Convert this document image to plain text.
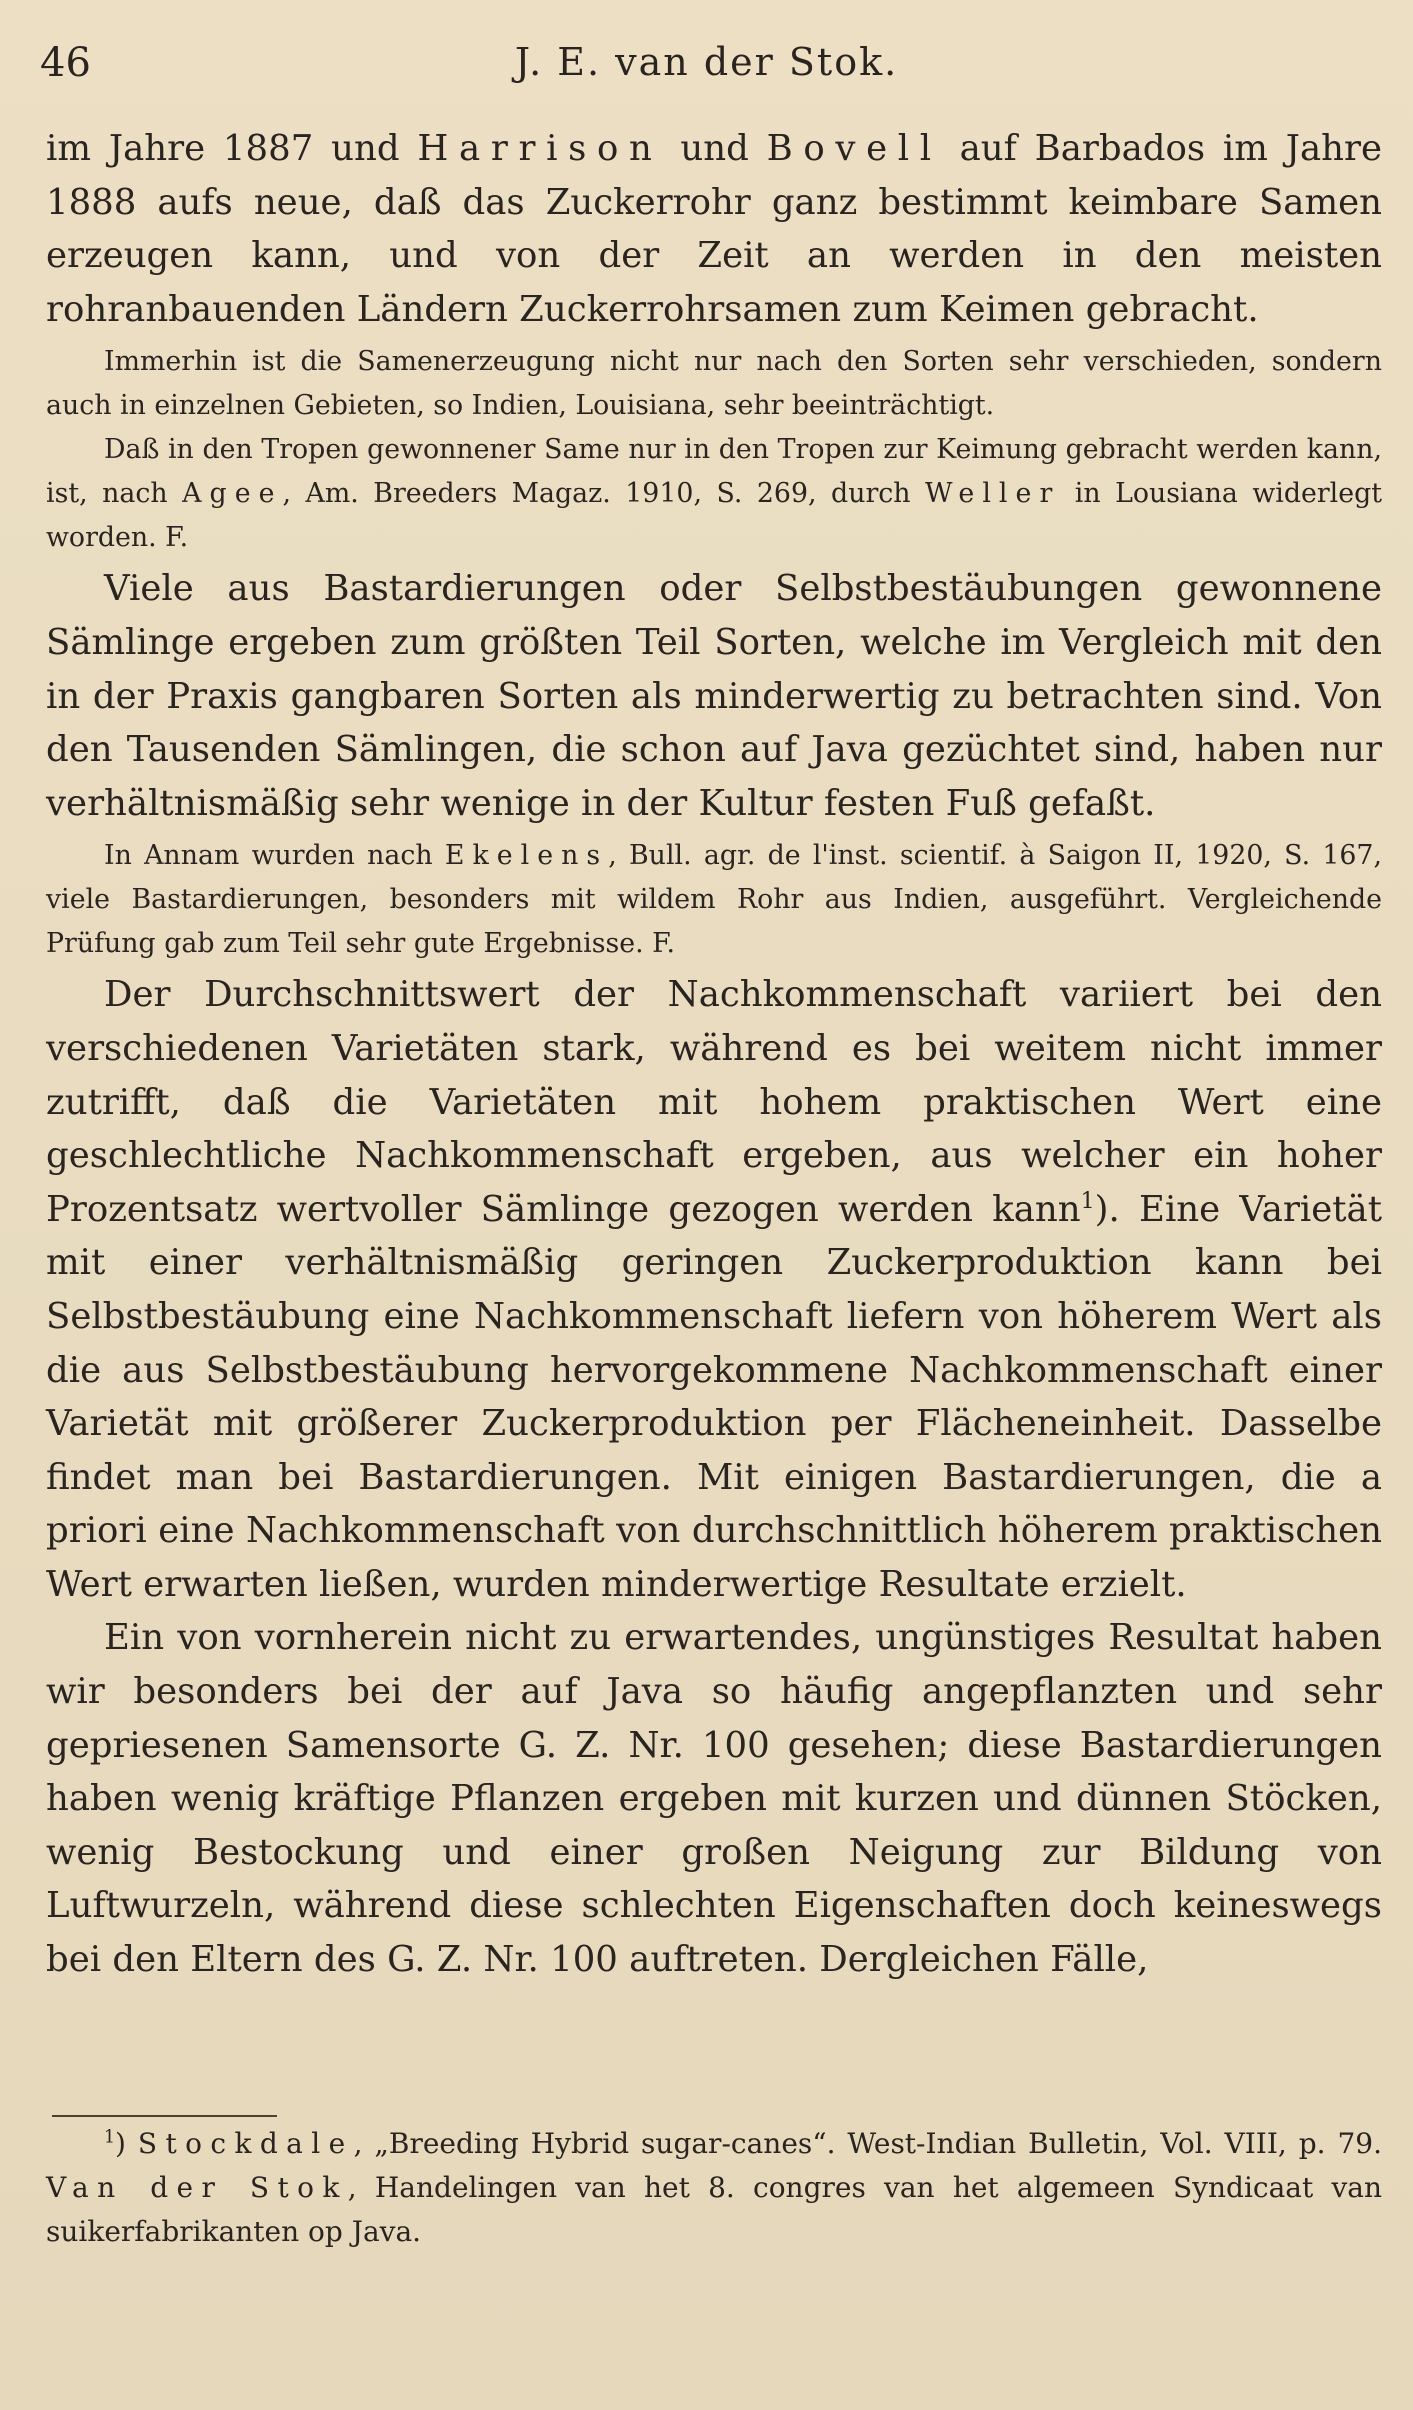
46	J. E. van der Stok.

im Jahre 1887 und Harrison und Bovell auf Barbados im Jahre 1888 aufs neue, daß das Zuckerrohr ganz bestimmt keimbare Samen erzeugen kann, und von der Zeit an werden in den meisten rohranbauenden Ländern Zuckerrohrsamen zum Keimen gebracht.

Immerhin ist die Samenerzeugung nicht nur nach den Sorten sehr verschieden, sondern auch in einzelnen Gebieten, so Indien, Louisiana, sehr beeinträchtigt.

Daß in den Tropen gewonnener Same nur in den Tropen zur Keimung gebracht werden kann, ist, nach Agee, Am. Breeders Magaz. 1910, S. 269, durch Weller in Lousiana widerlegt worden. F.

Viele aus Bastardierungen oder Selbstbestäubungen gewonnene Sämlinge ergeben zum größten Teil Sorten, welche im Vergleich mit den in der Praxis gangbaren Sorten als minderwertig zu betrachten sind. Von den Tausenden Sämlingen, die schon auf Java gezüchtet sind, haben nur verhältnismäßig sehr wenige in der Kultur festen Fuß gefaßt.

In Annam wurden nach Ekelens, Bull. agr. de l'inst. scientif. à Saigon II, 1920, S. 167, viele Bastardierungen, besonders mit wildem Rohr aus Indien, ausgeführt. Vergleichende Prüfung gab zum Teil sehr gute Ergebnisse. F.

Der Durchschnittswert der Nachkommenschaft variiert bei den verschiedenen Varietäten stark, während es bei weitem nicht immer zutrifft, daß die Varietäten mit hohem praktischen Wert eine geschlechtliche Nachkommenschaft ergeben, aus welcher ein hoher Prozentsatz wertvoller Sämlinge gezogen werden kann$^1$). Eine Varietät mit einer verhältnismäßig geringen Zuckerproduktion kann bei Selbstbestäubung eine Nachkommenschaft liefern von höherem Wert als die aus Selbstbestäubung hervorgekommene Nachkommenschaft einer Varietät mit größerer Zuckerproduktion per Flächeneinheit. Dasselbe findet man bei Bastardierungen. Mit einigen Bastardierungen, die a priori eine Nachkommenschaft von durchschnittlich höherem praktischen Wert erwarten ließen, wurden minderwertige Resultate erzielt.

Ein von vornherein nicht zu erwartendes, ungünstiges Resultat haben wir besonders bei der auf Java so häufig angepflanzten und sehr gepriesenen Samensorte G. Z. Nr. 100 gesehen; diese Bastardierungen haben wenig kräftige Pflanzen ergeben mit kurzen und dünnen Stöcken, wenig Bestockung und einer großen Neigung zur Bildung von Luftwurzeln, während diese schlechten Eigenschaften doch keineswegs bei den Eltern des G. Z. Nr. 100 auftreten. Dergleichen Fälle,

$^1$) Stockdale, „Breeding Hybrid sugar-canes“. West-Indian Bulletin, Vol. VIII, p. 79. Van der Stok, Handelingen van het 8. congres van het algemeen Syndicaat van suikerfabrikanten op Java.
